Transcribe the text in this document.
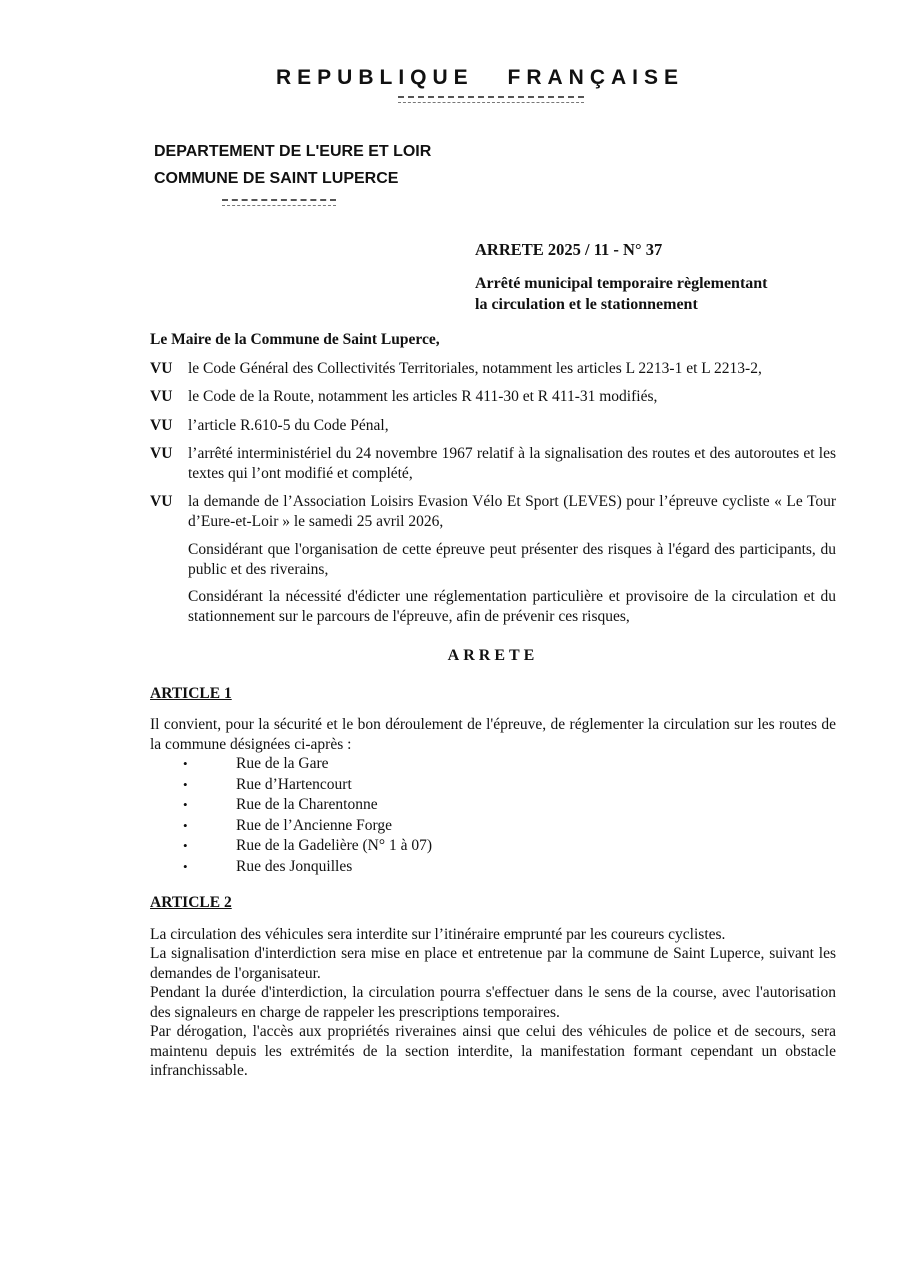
REPUBLIQUE FRANÇAISE
DEPARTEMENT DE L'EURE ET LOIR
COMMUNE DE SAINT LUPERCE
ARRETE 2025 / 11 - N° 37
Arrêté municipal temporaire règlementant
la circulation et le stationnement
Le Maire de la Commune de Saint Luperce,
VU	le Code Général des Collectivités Territoriales, notamment les articles L 2213-1 et L 2213-2,
VU	le Code de la Route, notamment les articles R 411-30 et R 411-31 modifiés,
VU	l’article R.610-5 du Code Pénal,
VU	l’arrêté interministériel du 24 novembre 1967 relatif à la signalisation des routes et des autoroutes et les textes qui l’ont modifié et complété,
VU	la demande de l’Association Loisirs Evasion Vélo Et Sport (LEVES) pour l’épreuve cycliste « Le Tour d’Eure-et-Loir » le samedi 25 avril 2026,
Considérant que l'organisation de cette épreuve peut présenter des risques à l'égard des participants, du public et des riverains,
Considérant la nécessité d'édicter une réglementation particulière et provisoire de la circulation et du stationnement sur le parcours de l'épreuve, afin de prévenir ces risques,
ARRETE
ARTICLE 1
Il convient, pour la sécurité et le bon déroulement de l'épreuve, de réglementer la circulation sur les routes de la commune désignées ci-après :
•	Rue de la Gare
•	Rue d’Hartencourt
•	Rue de la Charentonne
•	Rue de l’Ancienne Forge
•	Rue de la Gadelière (N° 1 à 07)
•	Rue des Jonquilles
ARTICLE 2
La circulation des véhicules sera interdite sur l’itinéraire emprunté par les coureurs cyclistes.
La signalisation d'interdiction sera mise en place et entretenue par la commune de Saint Luperce, suivant les demandes de l'organisateur.
Pendant la durée d'interdiction, la circulation pourra s'effectuer dans le sens de la course, avec l'autorisation des signaleurs en charge de rappeler les prescriptions temporaires.
Par dérogation, l'accès aux propriétés riveraines ainsi que celui des véhicules de police et de secours, sera maintenu depuis les extrémités de la section interdite, la manifestation formant cependant un obstacle infranchissable.
